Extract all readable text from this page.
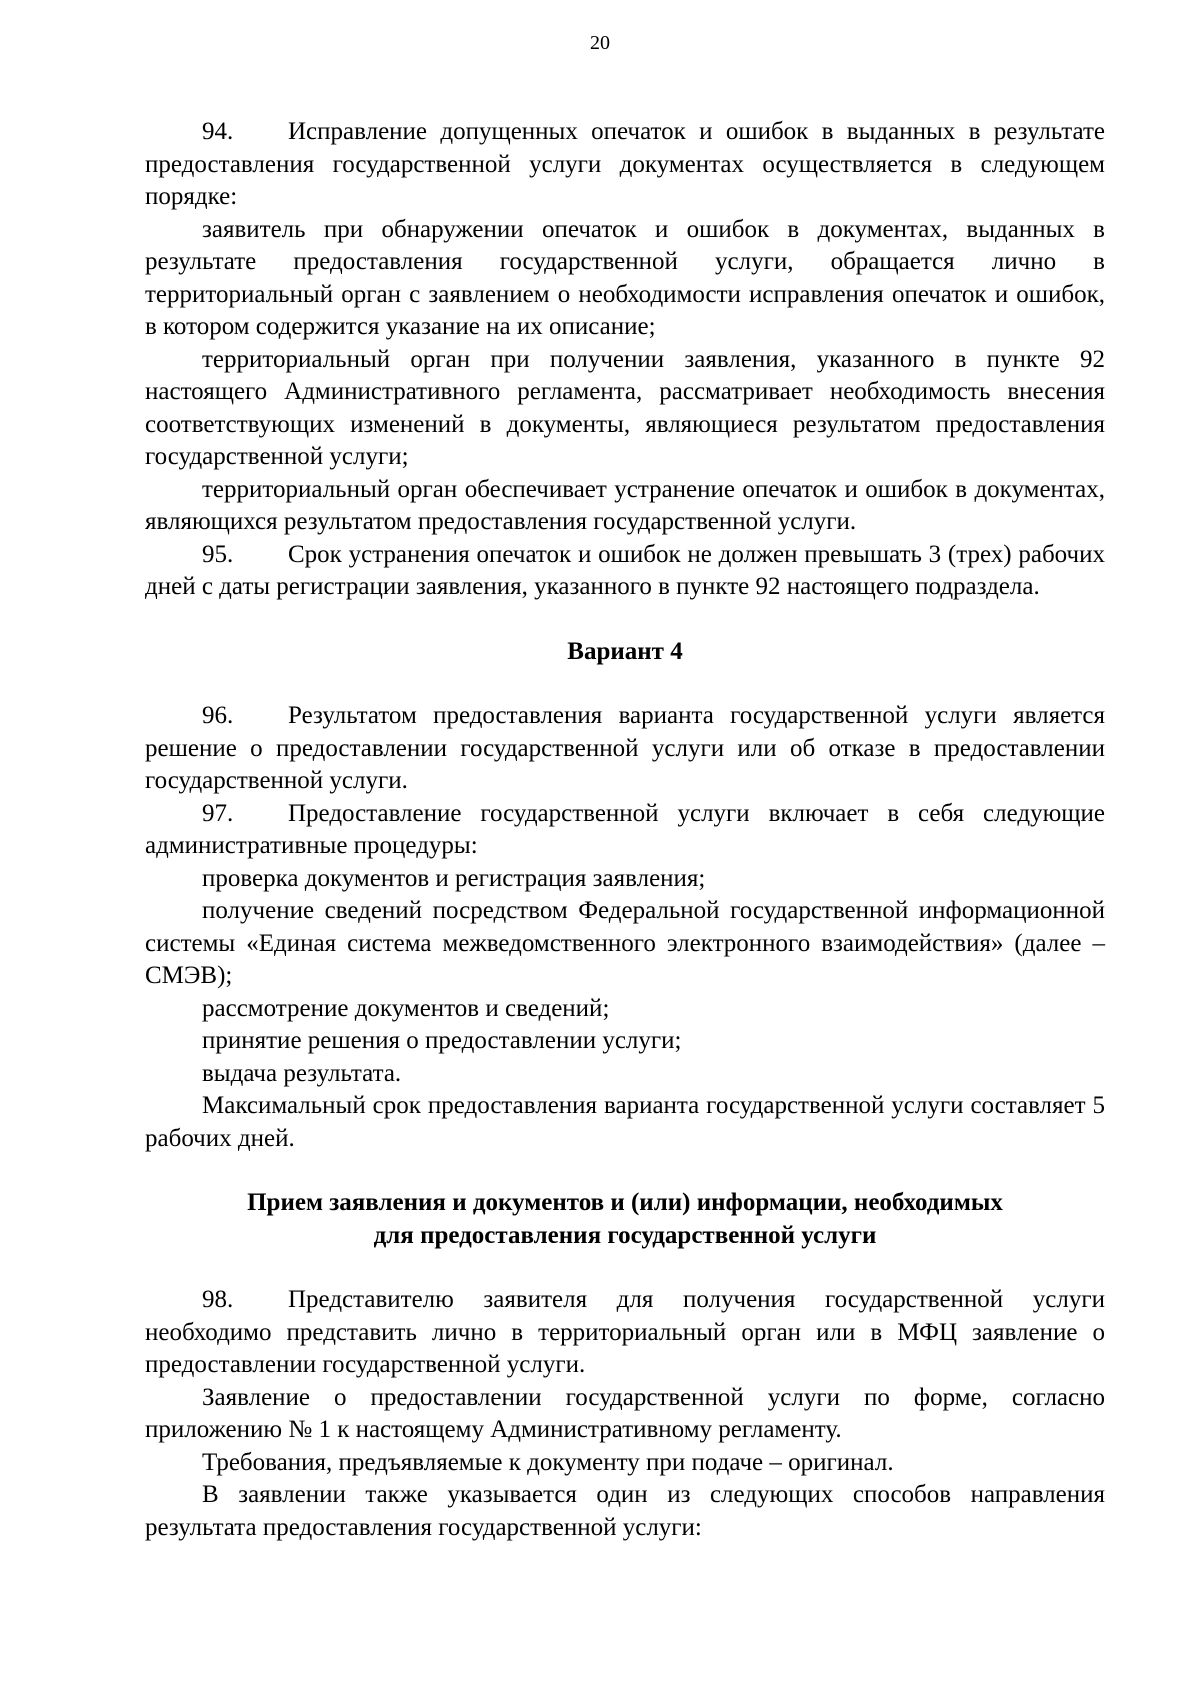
20

94. Исправление допущенных опечаток и ошибок в выданных в результате предоставления государственной услуги документах осуществляется в следующем порядке:

заявитель при обнаружении опечаток и ошибок в документах, выданных в результате предоставления государственной услуги, обращается лично в территориальный орган с заявлением о необходимости исправления опечаток и ошибок, в котором содержится указание на их описание;

территориальный орган при получении заявления, указанного в пункте 92 настоящего Административного регламента, рассматривает необходимость внесения соответствующих изменений в документы, являющиеся результатом предоставления государственной услуги;

территориальный орган обеспечивает устранение опечаток и ошибок в документах, являющихся результатом предоставления государственной услуги.

95. Срок устранения опечаток и ошибок не должен превышать 3 (трех) рабочих дней с даты регистрации заявления, указанного в пункте 92 настоящего подраздела.

Вариант 4

96. Результатом предоставления варианта государственной услуги является решение о предоставлении государственной услуги или об отказе в предоставлении государственной услуги.

97. Предоставление государственной услуги включает в себя следующие административные процедуры:

проверка документов и регистрация заявления;

получение сведений посредством Федеральной государственной информационной системы «Единая система межведомственного электронного взаимодействия» (далее – СМЭВ);

рассмотрение документов и сведений;

принятие решения о предоставлении услуги;

выдача результата.

Максимальный срок предоставления варианта государственной услуги составляет 5 рабочих дней.

Прием заявления и документов и (или) информации, необходимых
для предоставления государственной услуги

98. Представителю заявителя для получения государственной услуги необходимо представить лично в территориальный орган или в МФЦ заявление о предоставлении государственной услуги.

Заявление о предоставлении государственной услуги по форме, согласно приложению № 1 к настоящему Административному регламенту.

Требования, предъявляемые к документу при подаче – оригинал.

В заявлении также указывается один из следующих способов направления результата предоставления государственной услуги:
